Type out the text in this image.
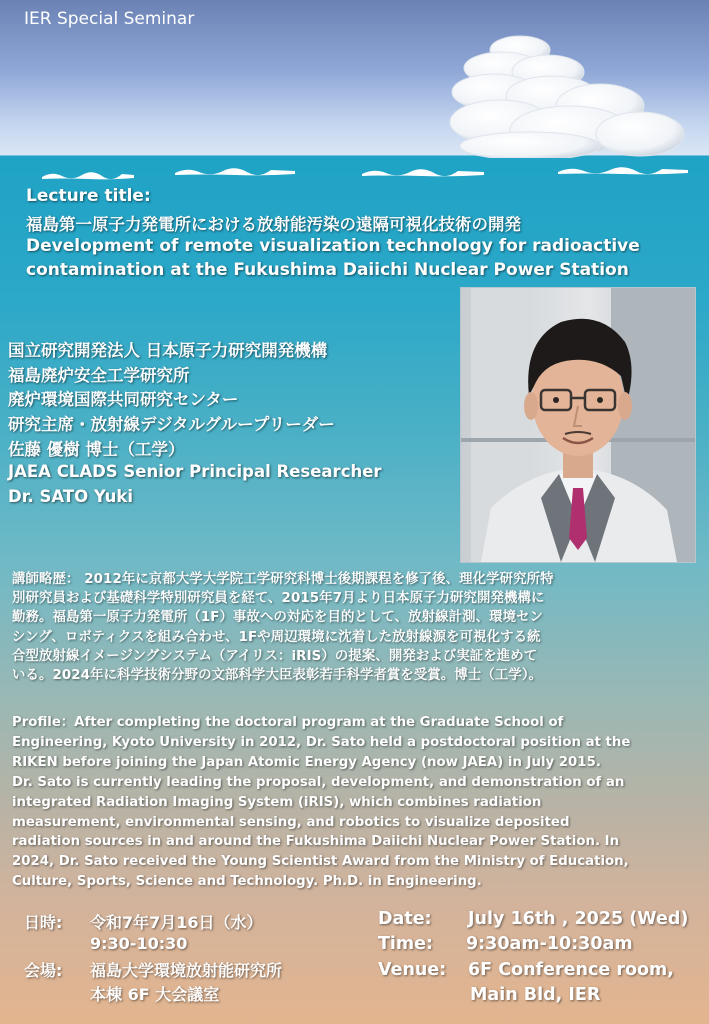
IER Special Seminar
Lecture title:
福島第一原子力発電所における放射能汚染の遠隔可視化技術の開発
Development of remote visualization technology for radioactive
contamination at the Fukushima Daiichi Nuclear Power Station
国立研究開発法人 日本原子力研究開発機構
福島廃炉安全工学研究所
廃炉環境国際共同研究センター
研究主席・放射線デジタルグループリーダー
佐藤 優樹 博士（工学）
JAEA CLADS Senior Principal Researcher
Dr. SATO Yuki

講師略歴： 2012年に京都大学大学院工学研究科博士後期課程を修了後、理化学研究所特

別研究員および基礎科学特別研究員を経て、2015年7月より日本原子力研究開発機構に

勤務。福島第一原子力発電所（1F）事故への対応を目的として、放射線計測、環境セン

シング、ロボティクスを組み合わせ、1Fや周辺環境に沈着した放射線源を可視化する統

合型放射線イメージングシステム（アイリス：iRIS）の提案、開発および実証を進めて

いる。2024年に科学技術分野の文部科学大臣表彰若手科学者賞を受賞。博士（工学）。

Profile：After completing the doctoral program at the Graduate School of

Engineering, Kyoto University in 2012, Dr. Sato held a postdoctoral position at the

RIKEN before joining the Japan Atomic Energy Agency (now JAEA) in July 2015.

Dr. Sato is currently leading the proposal, development, and demonstration of an

integrated Radiation Imaging System (iRIS), which combines radiation

measurement, environmental sensing, and robotics to visualize deposited

radiation sources in and around the Fukushima Daiichi Nuclear Power Station. In

2024, Dr. Sato received the Young Scientist Award from the Ministry of Education,

Culture, Sports, Science and Technology. Ph.D. in Engineering.

日時: 令和7年7月16日（水）
9:30-10:30
会場: 福島大学環境放射能研究所
本棟 6F 大会議室
Date: July 16th , 2025 (Wed)
Time: 9:30am-10:30am
Venue: 6F Conference room,
Main Bld, IER
